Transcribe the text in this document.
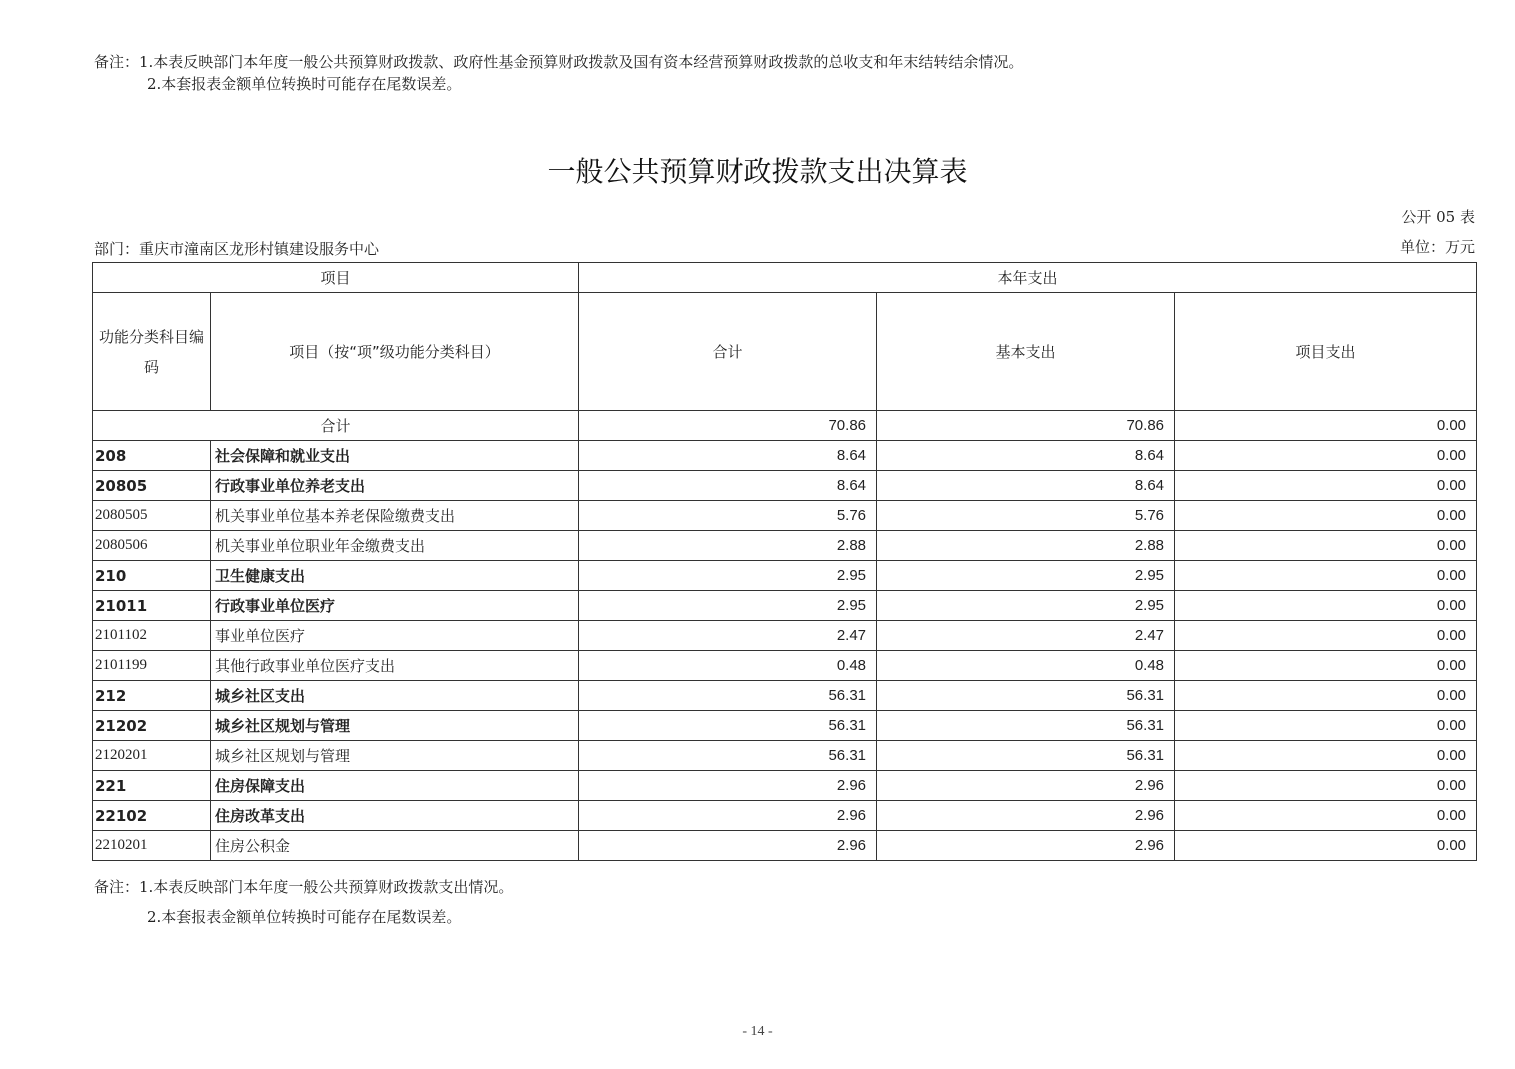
备注：1.本表反映部门本年度一般公共预算财政拨款、政府性基金预算财政拨款及国有资本经营预算财政拨款的总收支和年末结转结余情况。
2.本套报表金额单位转换时可能存在尾数误差。
一般公共预算财政拨款支出决算表
公开 05 表
部门：重庆市潼南区龙形村镇建设服务中心	单位：万元
项目		本年支出		
功能分类科目编码	项目（按“项”级功能分类科目）	合计	基本支出	项目支出
合计		70.86	70.86	0.00
208	社会保障和就业支出	8.64	8.64	0.00
20805	行政事业单位养老支出	8.64	8.64	0.00
2080505	机关事业单位基本养老保险缴费支出	5.76	5.76	0.00
2080506	机关事业单位职业年金缴费支出	2.88	2.88	0.00
210	卫生健康支出	2.95	2.95	0.00
21011	行政事业单位医疗	2.95	2.95	0.00
2101102	事业单位医疗	2.47	2.47	0.00
2101199	其他行政事业单位医疗支出	0.48	0.48	0.00
212	城乡社区支出	56.31	56.31	0.00
21202	城乡社区规划与管理	56.31	56.31	0.00
2120201	城乡社区规划与管理	56.31	56.31	0.00
221	住房保障支出	2.96	2.96	0.00
22102	住房改革支出	2.96	2.96	0.00
2210201	住房公积金	2.96	2.96	0.00
备注：1.本表反映部门本年度一般公共预算财政拨款支出情况。
2.本套报表金额单位转换时可能存在尾数误差。
- 14 -
